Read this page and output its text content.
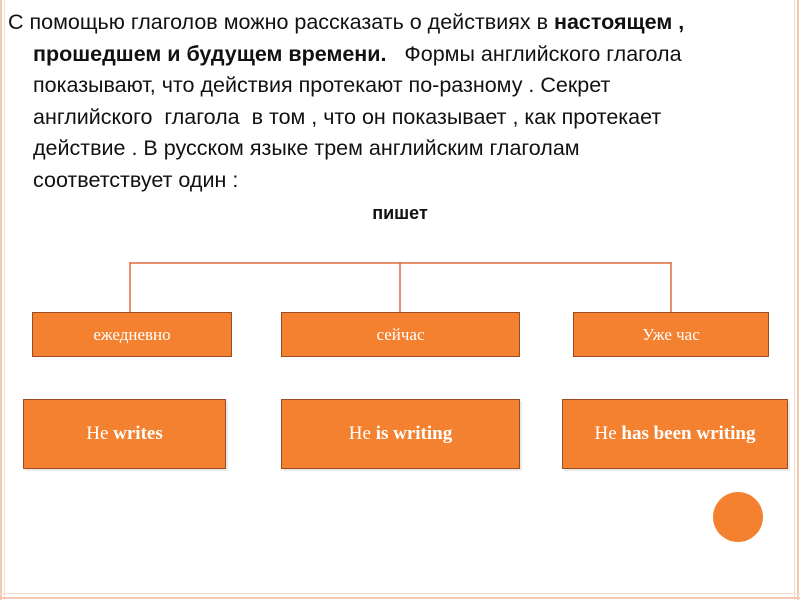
С помощью глаголов можно рассказать о действиях в настоящем ,
прошедшем и будущем времени.   Формы английского глагола
показывают, что действия протекают по-разному . Секрет
английского  глагола  в том , что он показывает , как протекает
действие . В русском языке трем английским глаголам
соответствует один :
пишет
ежедневно	сейчас	Уже час
He writes	He is writing	He has been writing
